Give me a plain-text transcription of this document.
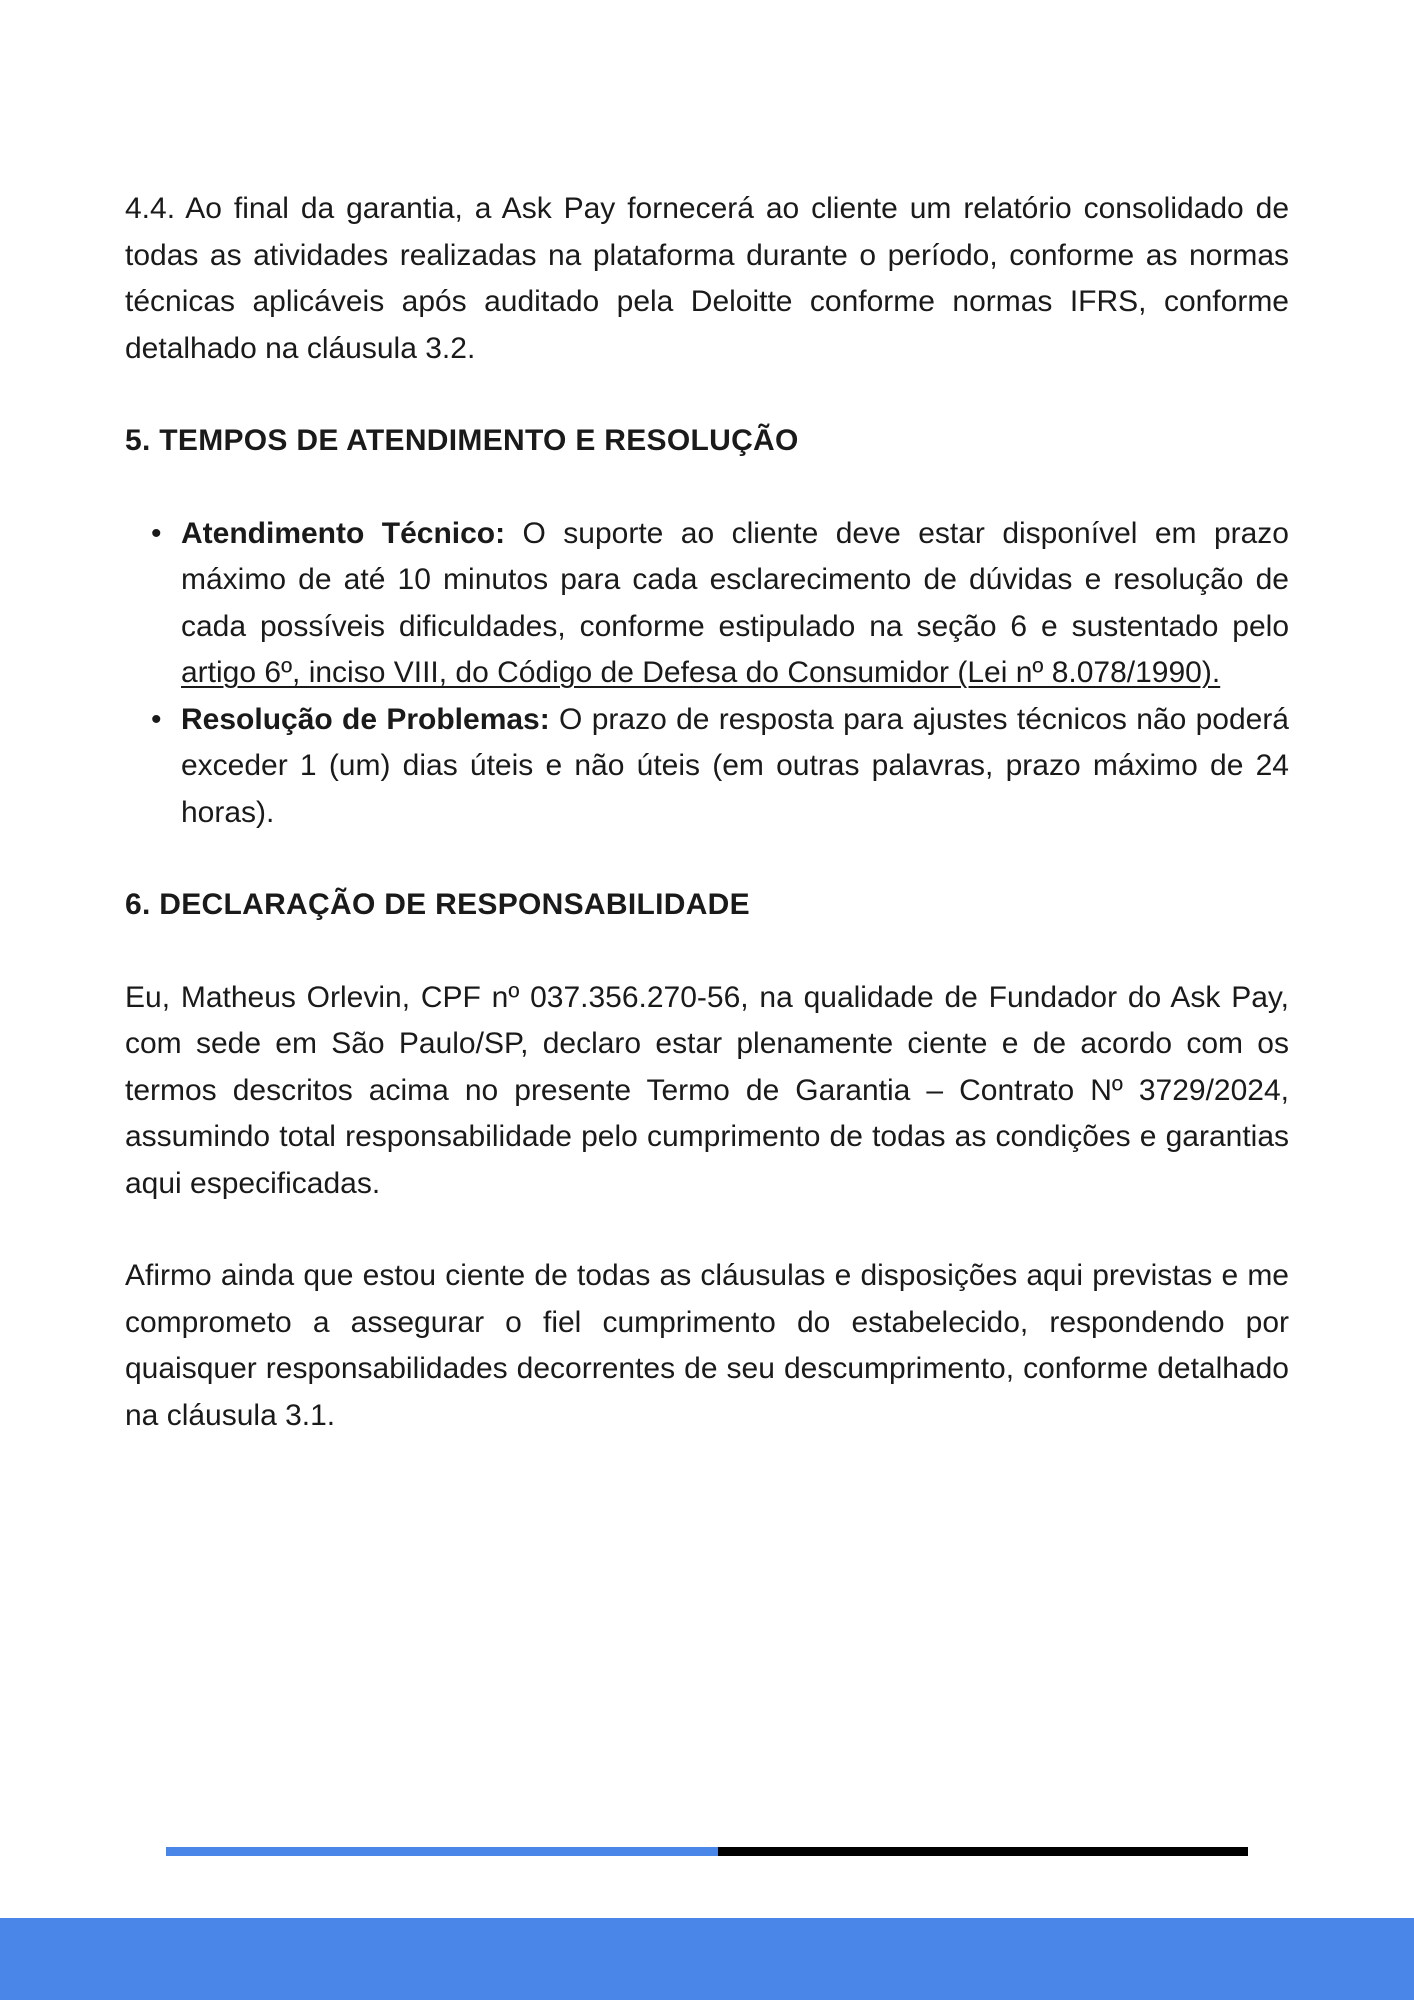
4.4. Ao final da garantia, a Ask Pay fornecerá ao cliente um relatório consolidado de todas as atividades realizadas na plataforma durante o período, conforme as normas técnicas aplicáveis após auditado pela Deloitte conforme normas IFRS, conforme detalhado na cláusula 3.2.

5. TEMPOS DE ATENDIMENTO E RESOLUÇÃO
• Atendimento Técnico: O suporte ao cliente deve estar disponível em prazo máximo de até 10 minutos para cada esclarecimento de dúvidas e resolução de cada possíveis dificuldades, conforme estipulado na seção 6 e sustentado pelo artigo 6º, inciso VIII, do Código de Defesa do Consumidor (Lei nº 8.078/1990).
• Resolução de Problemas: O prazo de resposta para ajustes técnicos não poderá exceder 1 (um) dias úteis e não úteis (em outras palavras, prazo máximo de 24 horas).
6. DECLARAÇÃO DE RESPONSABILIDADE

Eu, Matheus Orlevin, CPF nº 037.356.270-56, na qualidade de Fundador do Ask Pay, com sede em São Paulo/SP, declaro estar plenamente ciente e de acordo com os termos descritos acima no presente Termo de Garantia – Contrato Nº 3729/2024, assumindo total responsabilidade pelo cumprimento de todas as condições e garantias aqui especificadas.

Afirmo ainda que estou ciente de todas as cláusulas e disposições aqui previstas e me comprometo a assegurar o fiel cumprimento do estabelecido, respondendo por quaisquer responsabilidades decorrentes de seu descumprimento, conforme detalhado na cláusula 3.1.
